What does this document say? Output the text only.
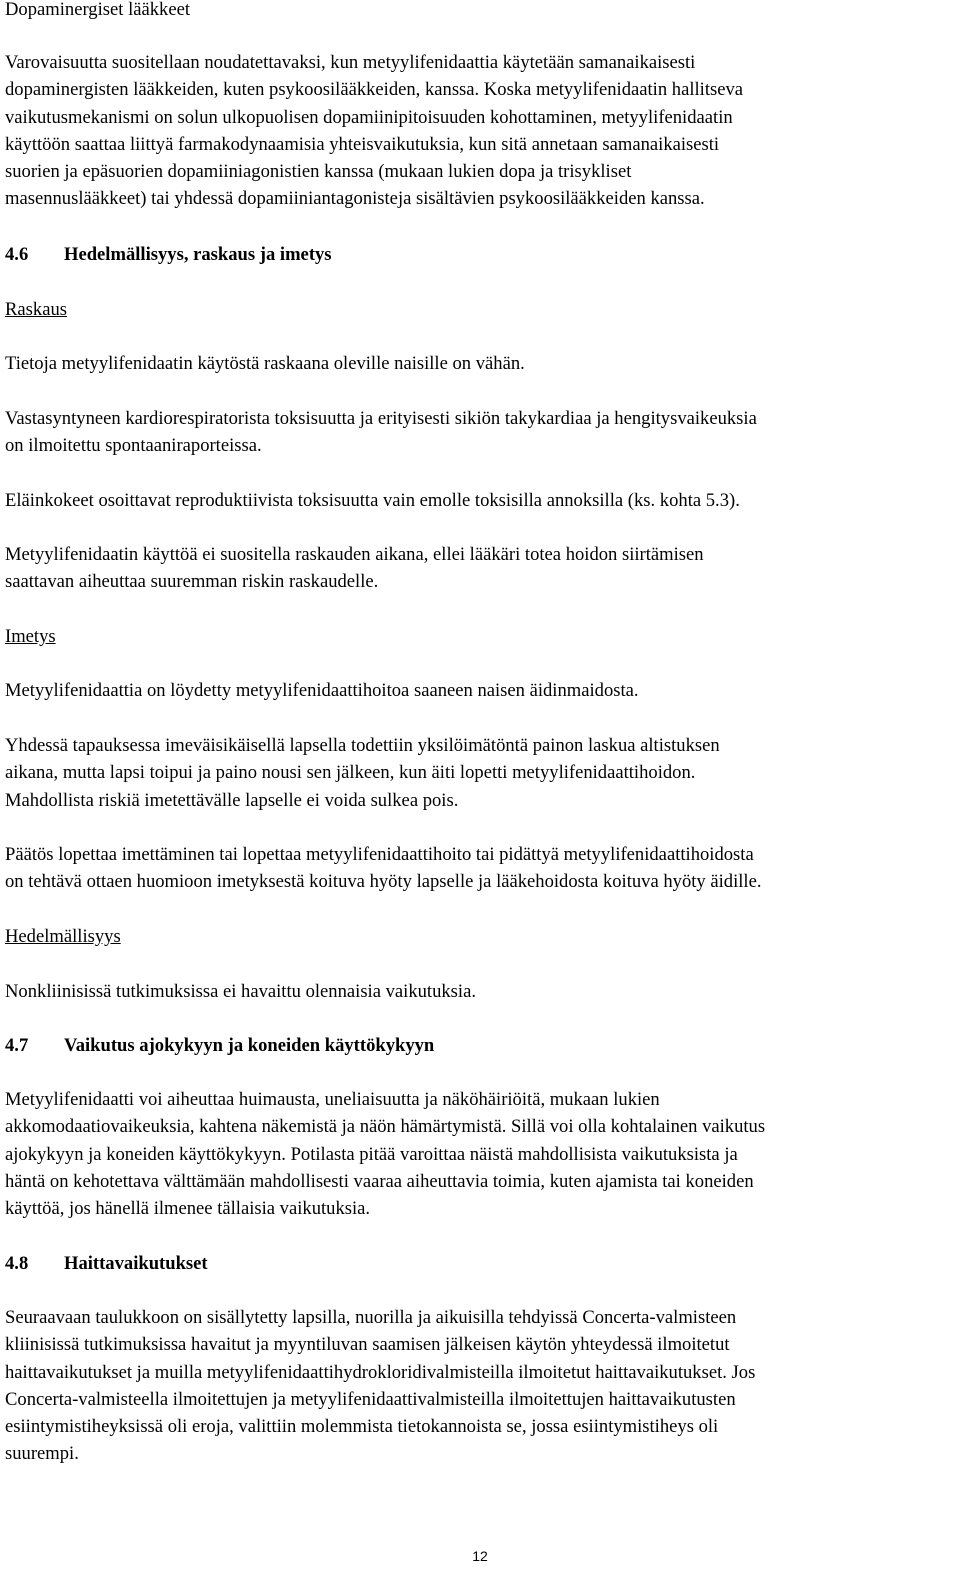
Dopaminergiset lääkkeet

Varovaisuutta suositellaan noudatettavaksi, kun metyylifenidaattia käytetään samanaikaisesti
dopaminergisten lääkkeiden, kuten psykoosilääkkeiden, kanssa. Koska metyylifenidaatin hallitseva
vaikutusmekanismi on solun ulkopuolisen dopamiinipitoisuuden kohottaminen, metyylifenidaatin
käyttöön saattaa liittyä farmakodynaamisia yhteisvaikutuksia, kun sitä annetaan samanaikaisesti
suorien ja epäsuorien dopamiiniagonistien kanssa (mukaan lukien dopa ja trisykliset
masennuslääkkeet) tai yhdessä dopamiiniantagonisteja sisältävien psykoosilääkkeiden kanssa.

4.6 Hedelmällisyys, raskaus ja imetys

Raskaus

Tietoja metyylifenidaatin käytöstä raskaana oleville naisille on vähän.

Vastasyntyneen kardiorespiratorista toksisuutta ja erityisesti sikiön takykardiaa ja hengitysvaikeuksia
on ilmoitettu spontaaniraporteissa.

Eläinkokeet osoittavat reproduktiivista toksisuutta vain emolle toksisilla annoksilla (ks. kohta 5.3).

Metyylifenidaatin käyttöä ei suositella raskauden aikana, ellei lääkäri totea hoidon siirtämisen
saattavan aiheuttaa suuremman riskin raskaudelle.

Imetys

Metyylifenidaattia on löydetty metyylifenidaattihoitoa saaneen naisen äidinmaidosta.

Yhdessä tapauksessa imeväisikäisellä lapsella todettiin yksilöimätöntä painon laskua altistuksen
aikana, mutta lapsi toipui ja paino nousi sen jälkeen, kun äiti lopetti metyylifenidaattihoidon.
Mahdollista riskiä imetettävälle lapselle ei voida sulkea pois.

Päätös lopettaa imettäminen tai lopettaa metyylifenidaattihoito tai pidättyä metyylifenidaattihoidosta
on tehtävä ottaen huomioon imetyksestä koituva hyöty lapselle ja lääkehoidosta koituva hyöty äidille.

Hedelmällisyys

Nonkliinisissä tutkimuksissa ei havaittu olennaisia vaikutuksia.

4.7 Vaikutus ajokykyyn ja koneiden käyttökykyyn

Metyylifenidaatti voi aiheuttaa huimausta, uneliaisuutta ja näköhäiriöitä, mukaan lukien
akkomodaatiovaikeuksia, kahtena näkemistä ja näön hämärtymistä. Sillä voi olla kohtalainen vaikutus
ajokykyyn ja koneiden käyttökykyyn. Potilasta pitää varoittaa näistä mahdollisista vaikutuksista ja
häntä on kehotettava välttämään mahdollisesti vaaraa aiheuttavia toimia, kuten ajamista tai koneiden
käyttöä, jos hänellä ilmenee tällaisia vaikutuksia.

4.8 Haittavaikutukset

Seuraavaan taulukkoon on sisällytetty lapsilla, nuorilla ja aikuisilla tehdyissä Concerta-valmisteen
kliinisissä tutkimuksissa havaitut ja myyntiluvan saamisen jälkeisen käytön yhteydessä ilmoitetut
haittavaikutukset ja muilla metyylifenidaattihydrokloridivalmisteilla ilmoitetut haittavaikutukset. Jos
Concerta-valmisteella ilmoitettujen ja metyylifenidaattivalmisteilla ilmoitettujen haittavaikutusten
esiintymistiheyksissä oli eroja, valittiin molemmista tietokannoista se, jossa esiintymistiheys oli
suurempi.

12
